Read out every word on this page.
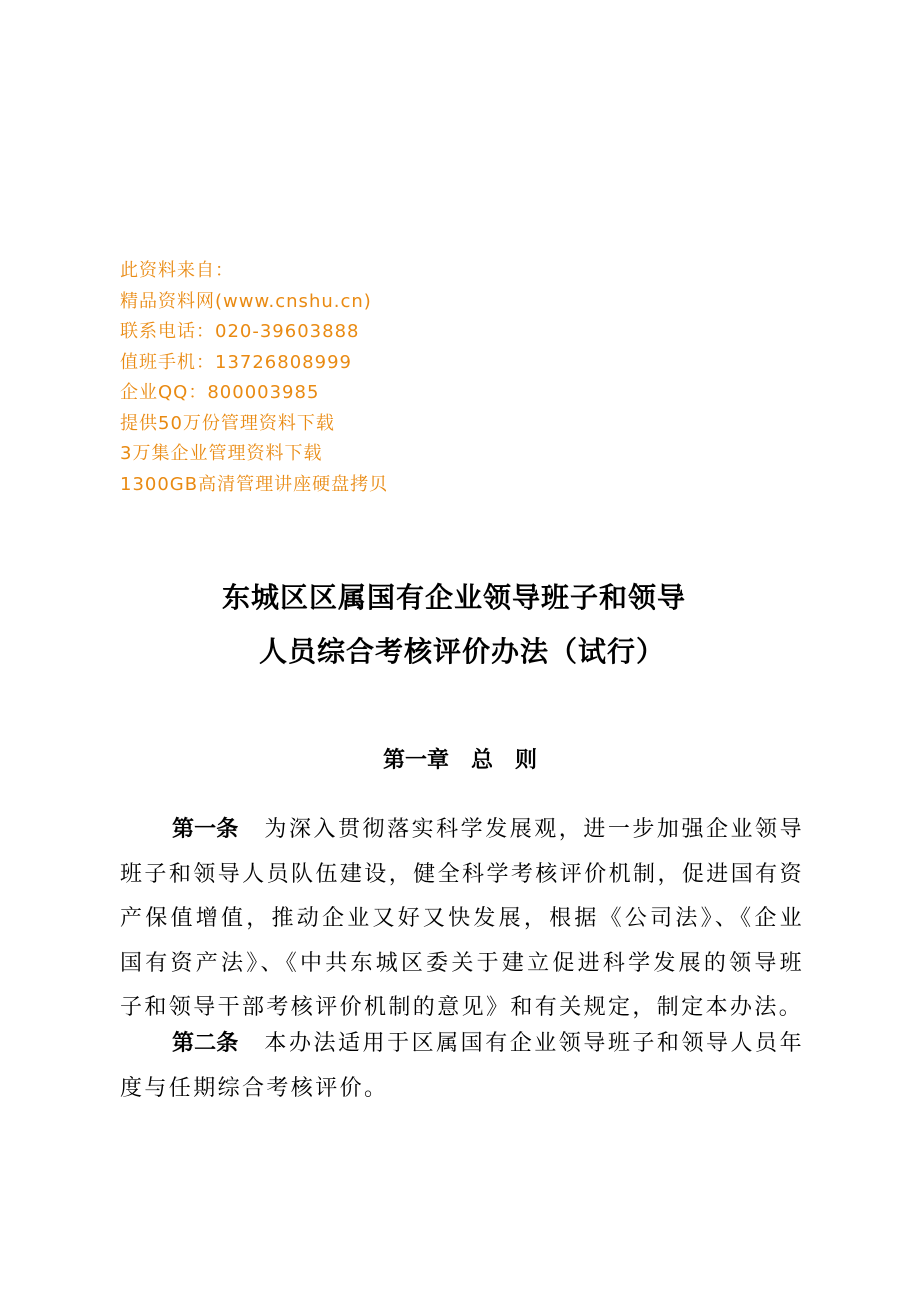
此资料来自：
精品资料网(www.cnshu.cn)
联系电话：020-39603888
值班手机：13726808999
企业QQ：800003985
提供50万份管理资料下载
3万集企业管理资料下载
1300GB高清管理讲座硬盘拷贝
东城区区属国有企业领导班子和领导
人员综合考核评价办法（试行）
第一章 总 则
第一条 为深入贯彻落实科学发展观，进一步加强企业领导班子和领导人员队伍建设，健全科学考核评价机制，促进国有资产保值增值，推动企业又好又快发展，根据《公司法》、《企业国有资产法》、《中共东城区委关于建立促进科学发展的领导班子和领导干部考核评价机制的意见》和有关规定，制定本办法。
第二条 本办法适用于区属国有企业领导班子和领导人员年度与任期综合考核评价。
